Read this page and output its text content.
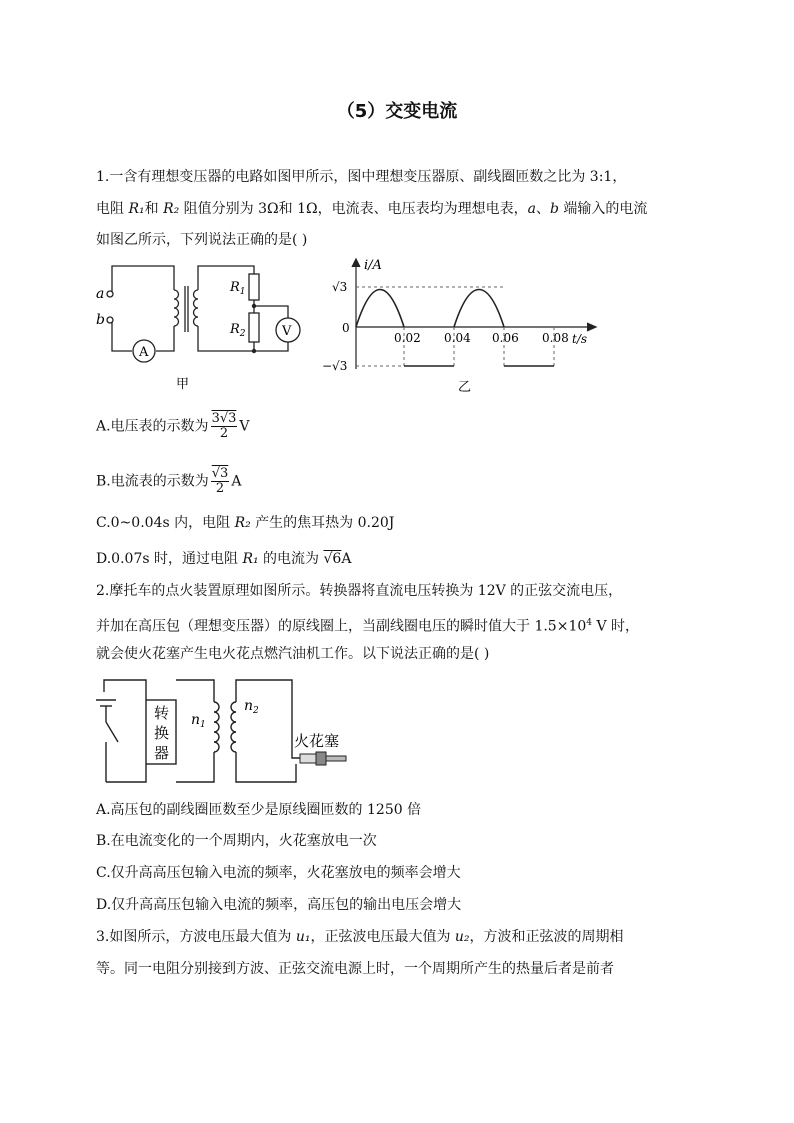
（5）交变电流
1.一含有理想变压器的电路如图甲所示，图中理想变压器原、副线圈匝数之比为 3:1，
电阻 R₁和 R₂ 阻值分别为 3Ω和 1Ω，电流表、电压表均为理想电表，a、b 端输入的电流
如图乙所示，下列说法正确的是( )
a
b
A
V
$R_1$
$R_2$
甲
i/A
t/s
0
√3
−√3
0.02 0.04 0.06 0.08
乙
A.电压表的示数为 $\frac{3√3}{2}$ V
B.电流表的示数为 $\frac{√3}{2}$ A
C.0~0.04s 内，电阻 R₂ 产生的焦耳热为 0.20J
D.0.07s 时，通过电阻 R₁ 的电流为 √6A
2.摩托车的点火装置原理如图所示。转换器将直流电压转换为 12V 的正弦交流电压，
并加在高压包（理想变压器）的原线圈上，当副线圈电压的瞬时值大于 $1.5\times 10^4$ V 时，
就会使火花塞产生电火花点燃汽油机工作。以下说法正确的是( )
转
换
器
$n_1$
$n_2$
火花塞
A.高压包的副线圈匝数至少是原线圈匝数的 1250 倍
B.在电流变化的一个周期内，火花塞放电一次
C.仅升高高压包输入电流的频率，火花塞放电的频率会增大
D.仅升高高压包输入电流的频率，高压包的输出电压会增大
3.如图所示，方波电压最大值为 u₁，正弦波电压最大值为 u₂，方波和正弦波的周期相
等。同一电阻分别接到方波、正弦交流电源上时，一个周期所产生的热量后者是前者
